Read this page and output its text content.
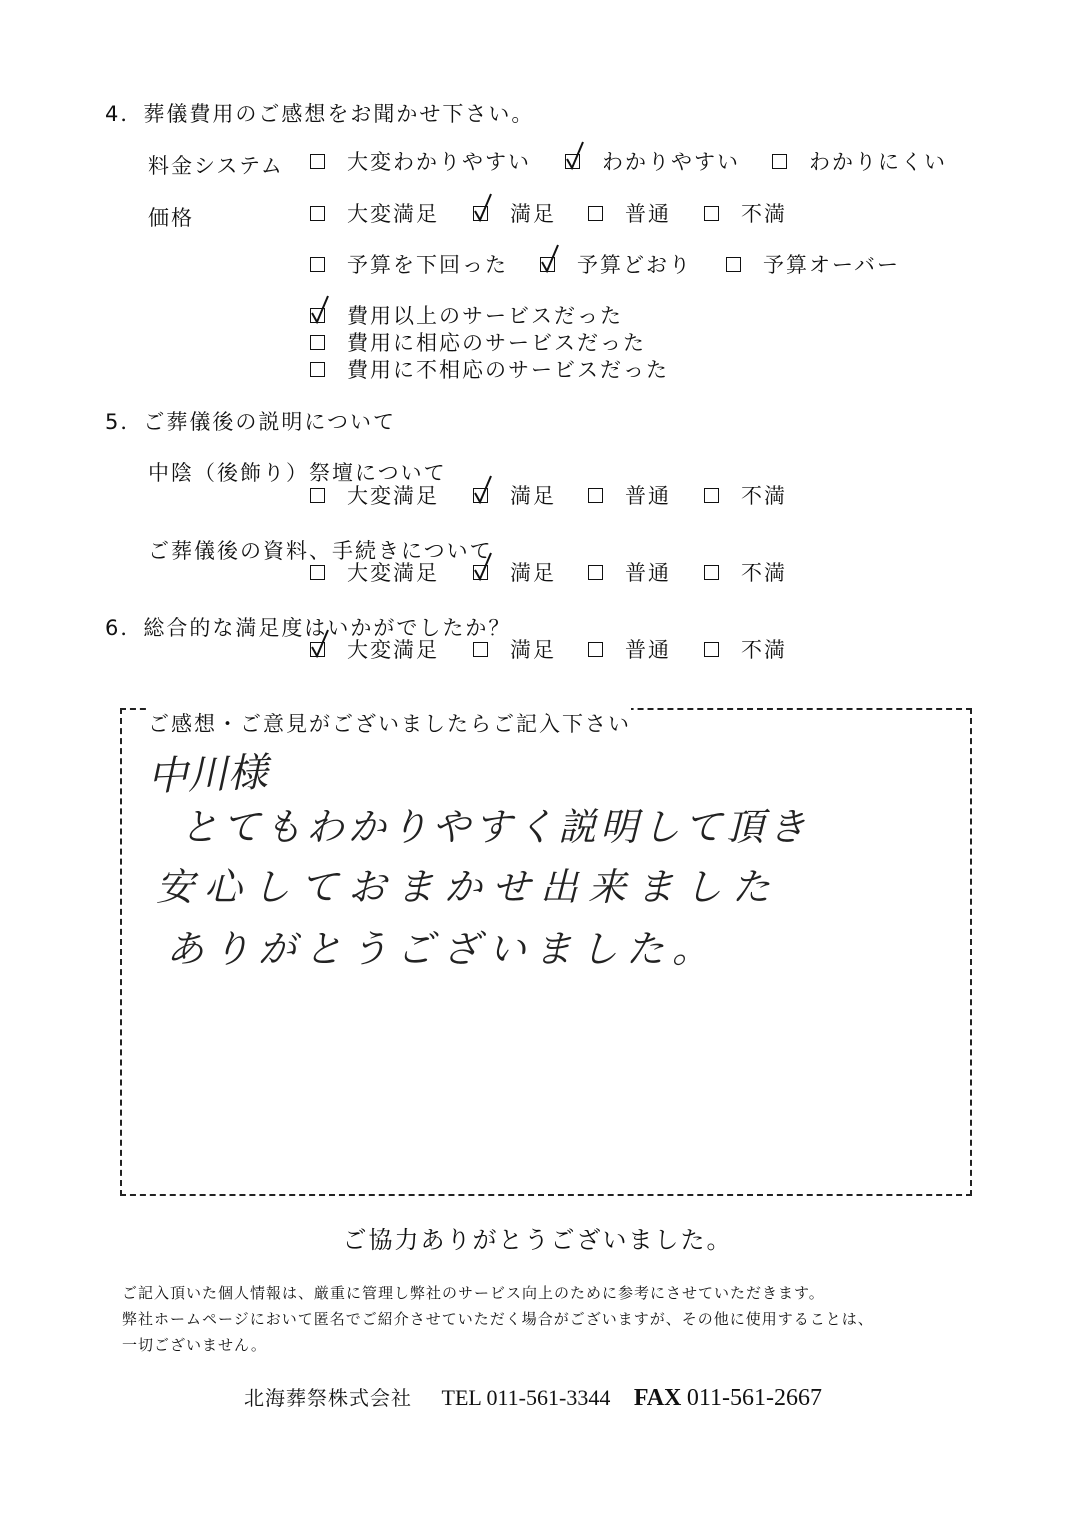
4．葬儀費用のご感想をお聞かせ下さい。
料金システム	大変わかりやすい	わかりやすい	わかりにくい
価格	大変満足	満足	普通	不満
予算を下回った	予算どおり	予算オーバー
費用以上のサービスだった
費用に相応のサービスだった
費用に不相応のサービスだった
5．ご葬儀後の説明について
中陰（後飾り）祭壇について
大変満足	満足	普通	不満
ご葬儀後の資料、手続きについて
大変満足	満足	普通	不満
6．総合的な満足度はいかがでしたか？
大変満足	満足	普通	不満
ご感想・ご意見がございましたらご記入下さい
中川様
とてもわかりやすく説明して頂き
安心しておまかせ出来ました
ありがとうございました。
ご協力ありがとうございました。
ご記入頂いた個人情報は、厳重に管理し弊社のサービス向上のために参考にさせていただきます。
弊社ホームページにおいて匿名でご紹介させていただく場合がございますが、その他に使用することは、
一切ございません。
北海葬祭株式会社 TEL 011-561-3344 FAX 011-561-2667
